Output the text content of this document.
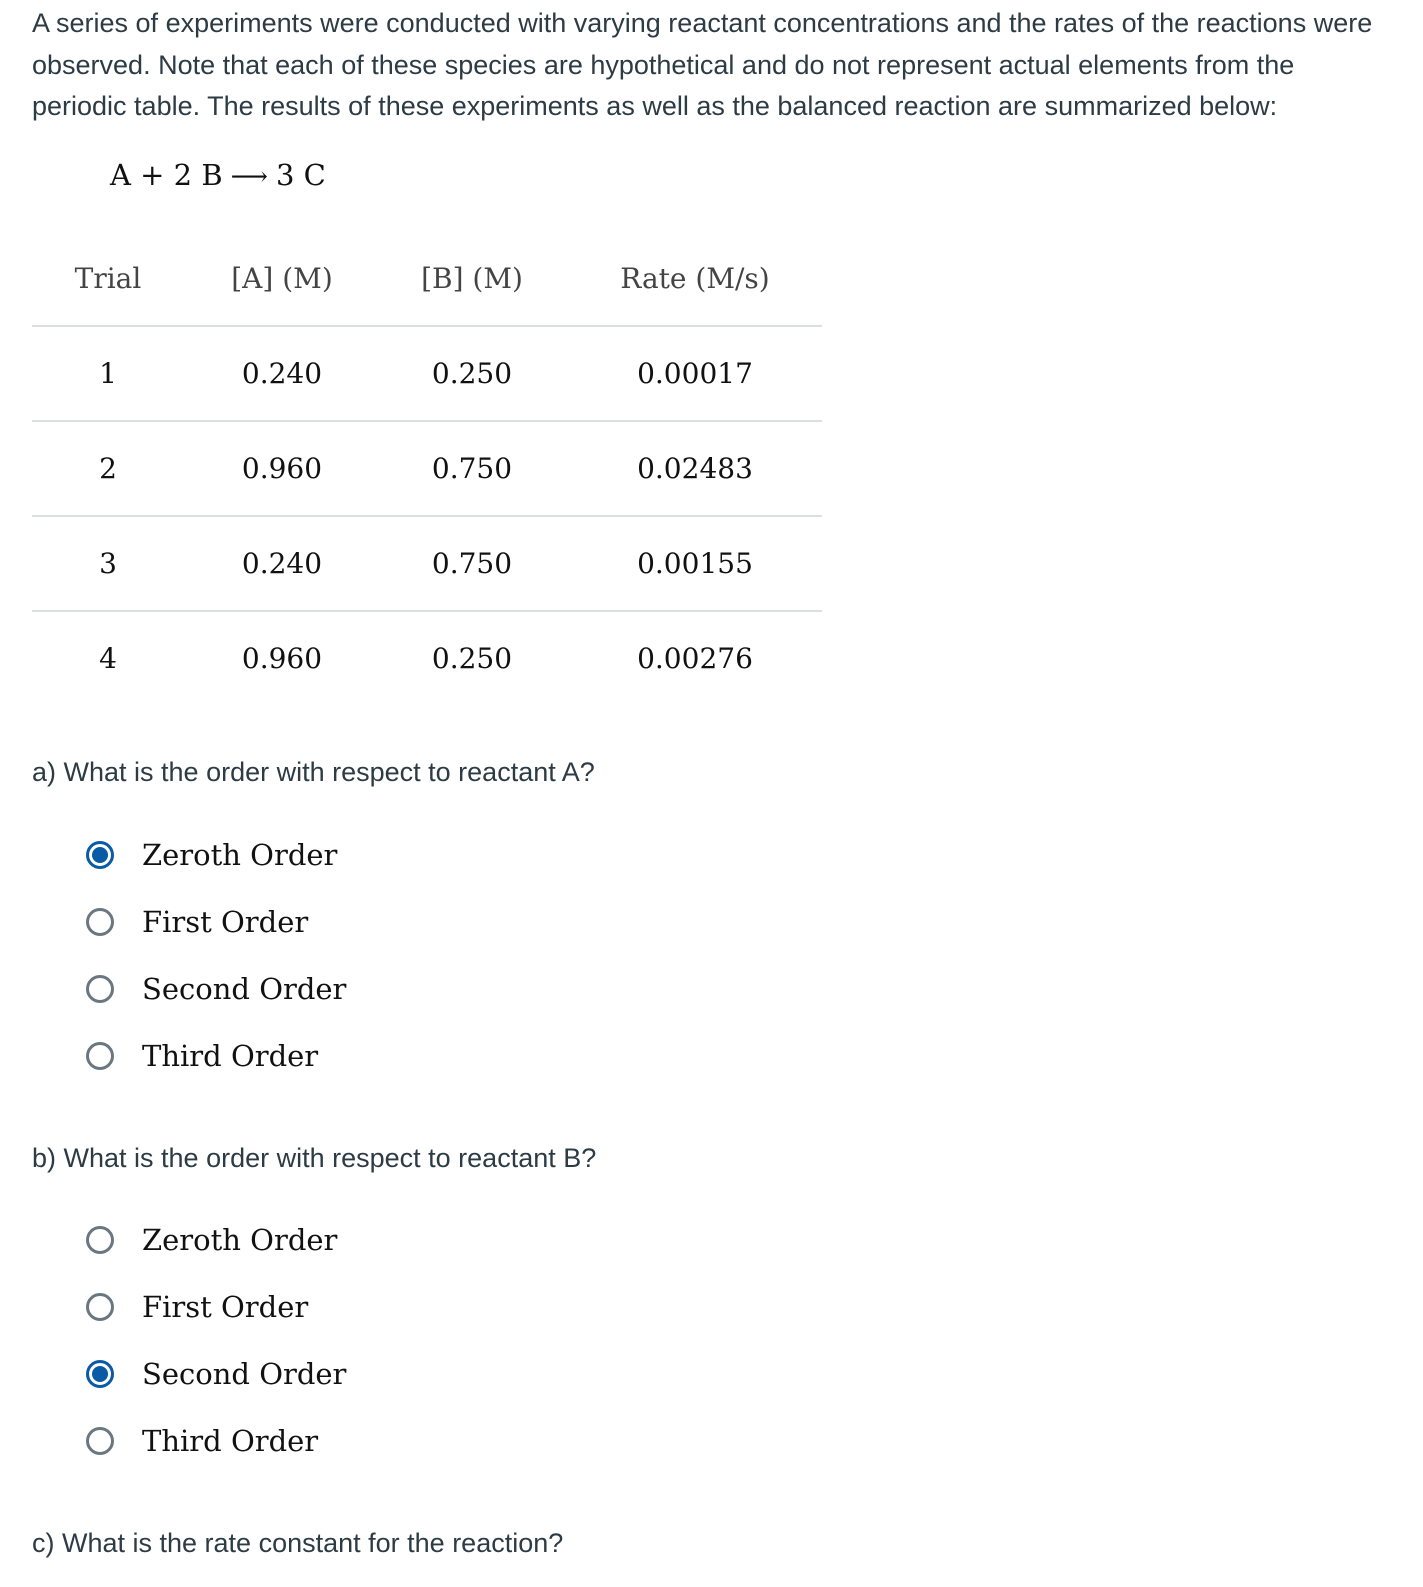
A series of experiments were conducted with varying reactant concentrations and the rates of the reactions were observed. Note that each of these species are hypothetical and do not represent actual elements from the periodic table. The results of these experiments as well as the balanced reaction are summarized below:

A + 2 B ⟶ 3 C
Trial	[A] (M)	[B] (M)	Rate (M/s)
1	0.240	0.250	0.00017
2	0.960	0.750	0.02483
3	0.240	0.750	0.00155
4	0.960	0.250	0.00276
a) What is the order with respect to reactant A?
Zeroth Order
First Order
Second Order
Third Order
b) What is the order with respect to reactant B?
Zeroth Order
First Order
Second Order
Third Order
c) What is the rate constant for the reaction?
